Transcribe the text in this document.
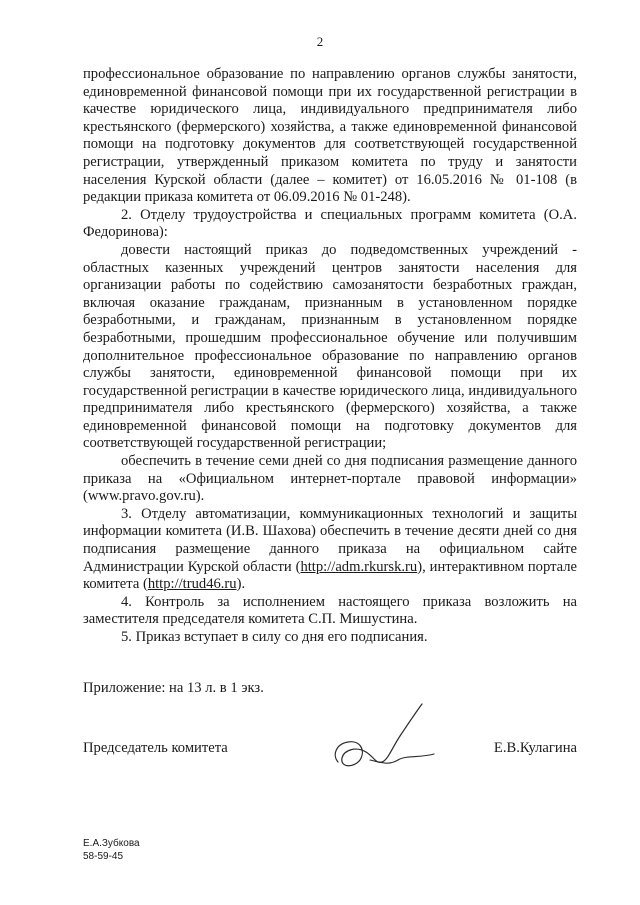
2

профессиональное образование по направлению органов службы занятости, единовременной финансовой помощи при их государственной регистрации в качестве юридического лица, индивидуального предпринимателя либо крестьянского (фермерского) хозяйства, а также единовременной финансовой помощи на подготовку документов для соответствующей государственной регистрации, утвержденный приказом комитета по труду и занятости населения Курской области (далее – комитет) от 16.05.2016 № 01-108 (в редакции приказа комитета от 06.09.2016 № 01-248).

2. Отделу трудоустройства и специальных программ комитета (О.А. Федоринова):

довести настоящий приказ до подведомственных учреждений - областных казенных учреждений центров занятости населения для организации работы по содействию самозанятости безработных граждан, включая оказание гражданам, признанным в установленном порядке безработными, и гражданам, признанным в установленном порядке безработными, прошедшим профессиональное обучение или получившим дополнительное профессиональное образование по направлению органов службы занятости, единовременной финансовой помощи при их государственной регистрации в качестве юридического лица, индивидуального предпринимателя либо крестьянского (фермерского) хозяйства, а также единовременной финансовой помощи на подготовку документов для соответствующей государственной регистрации;

обеспечить в течение семи дней со дня подписания размещение данного приказа на «Официальном интернет-портале правовой информации» (www.pravo.gov.ru).

3. Отделу автоматизации, коммуникационных технологий и защиты информации комитета (И.В. Шахова) обеспечить в течение десяти дней со дня подписания размещение данного приказа на официальном сайте Администрации Курской области (http://adm.rkursk.ru), интерактивном портале комитета (http://trud46.ru).

4. Контроль за исполнением настоящего приказа возложить на заместителя председателя комитета С.П. Мишустина.

5. Приказ вступает в силу со дня его подписания.

Приложение: на 13 л. в 1 экз.
Председатель комитета	Е.В.Кулагина
Е.А.Зубкова
58-59-45
